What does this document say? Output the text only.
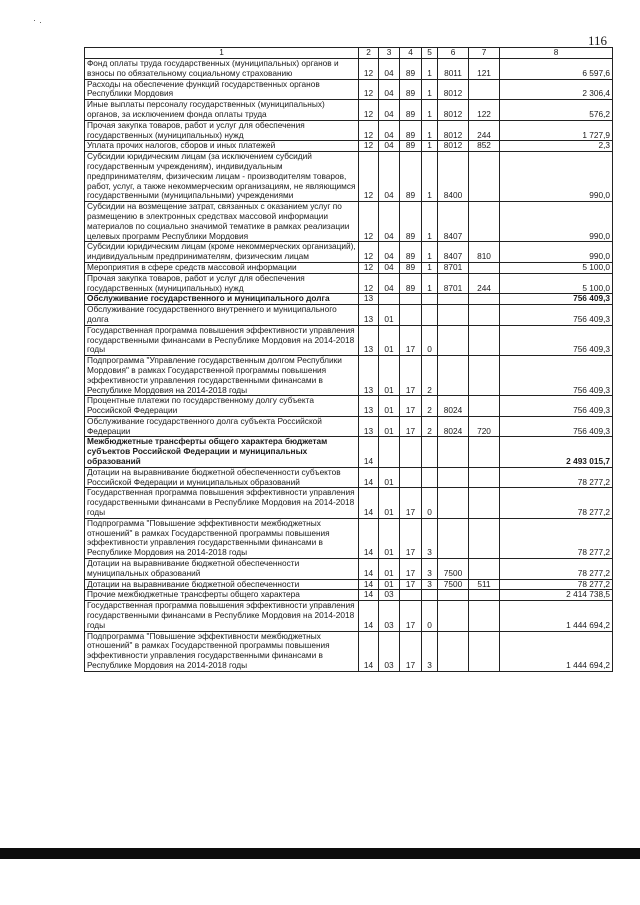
116
1	2	3	4	5	6	7	8
Фонд оплаты труда государственных (муниципальных) органов и взносы по обязательному социальному страхованию	12	04	89	1	8011	121	6 597,6
Расходы на обеспечение функций государственных органов Республики Мордовия	12	04	89	1	8012		2 306,4
Иные выплаты персоналу государственных (муниципальных) органов, за исключением фонда оплаты труда	12	04	89	1	8012	122	576,2
Прочая закупка товаров, работ и услуг для обеспечения государственных (муниципальных) нужд	12	04	89	1	8012	244	1 727,9
Уплата прочих налогов, сборов и иных платежей	12	04	89	1	8012	852	2,3
Субсидии юридическим лицам (за исключением субсидий государственным учреждениям), индивидуальным предпринимателям, физическим лицам - производителям товаров, работ, услуг, а также некоммерческим организациям, не являющимся государственными (муниципальными) учреждениями	12	04	89	1	8400		990,0
Субсидии на возмещение затрат, связанных с оказанием услуг по размещению в электронных средствах массовой информации материалов по социально значимой тематике в рамках реализации целевых программ Республики Мордовия	12	04	89	1	8407		990,0
Субсидии юридическим лицам (кроме некоммерческих организаций), индивидуальным предпринимателям, физическим лицам	12	04	89	1	8407	810	990,0
Мероприятия в сфере средств массовой информации	12	04	89	1	8701		5 100,0
Прочая закупка товаров, работ и услуг для обеспечения государственных (муниципальных) нужд	12	04	89	1	8701	244	5 100,0
Обслуживание государственного и муниципального долга	13						756 409,3
Обслуживание государственного внутреннего и муниципального долга	13	01					756 409,3
Государственная программа повышения эффективности управления государственными финансами в Республике Мордовия на 2014-2018 годы	13	01	17	0			756 409,3
Подпрограмма "Управление государственным долгом Республики Мордовия" в рамках Государственной программы повышения эффективности управления государственными финансами в Республике Мордовия на 2014-2018 годы	13	01	17	2			756 409,3
Процентные платежи по государственному долгу субъекта Российской Федерации	13	01	17	2	8024		756 409,3
Обслуживание государственного долга субъекта Российской Федерации	13	01	17	2	8024	720	756 409,3
Межбюджетные трансферты общего характера бюджетам субъектов Российской Федерации и муниципальных образований	14						2 493 015,7
Дотации на выравнивание бюджетной обеспеченности субъектов Российской Федерации и муниципальных образований	14	01					78 277,2
Государственная программа повышения эффективности управления государственными финансами в Республике Мордовия на 2014-2018 годы	14	01	17	0			78 277,2
Подпрограмма "Повышение эффективности межбюджетных отношений" в рамках Государственной программы повышения эффективности управления государственными финансами в Республике Мордовия на 2014-2018 годы	14	01	17	3			78 277,2
Дотации на выравнивание бюджетной обеспеченности муниципальных образований	14	01	17	3	7500		78 277,2
Дотации на выравнивание бюджетной обеспеченности	14	01	17	3	7500	511	78 277,2
Прочие межбюджетные трансферты общего характера	14	03					2 414 738,5
Государственная программа повышения эффективности управления государственными финансами в Республике Мордовия на 2014-2018 годы	14	03	17	0			1 444 694,2
Подпрограмма "Повышение эффективности межбюджетных отношений" в рамках Государственной программы повышения эффективности управления государственными финансами в Республике Мордовия на 2014-2018 годы	14	03	17	3			1 444 694,2
